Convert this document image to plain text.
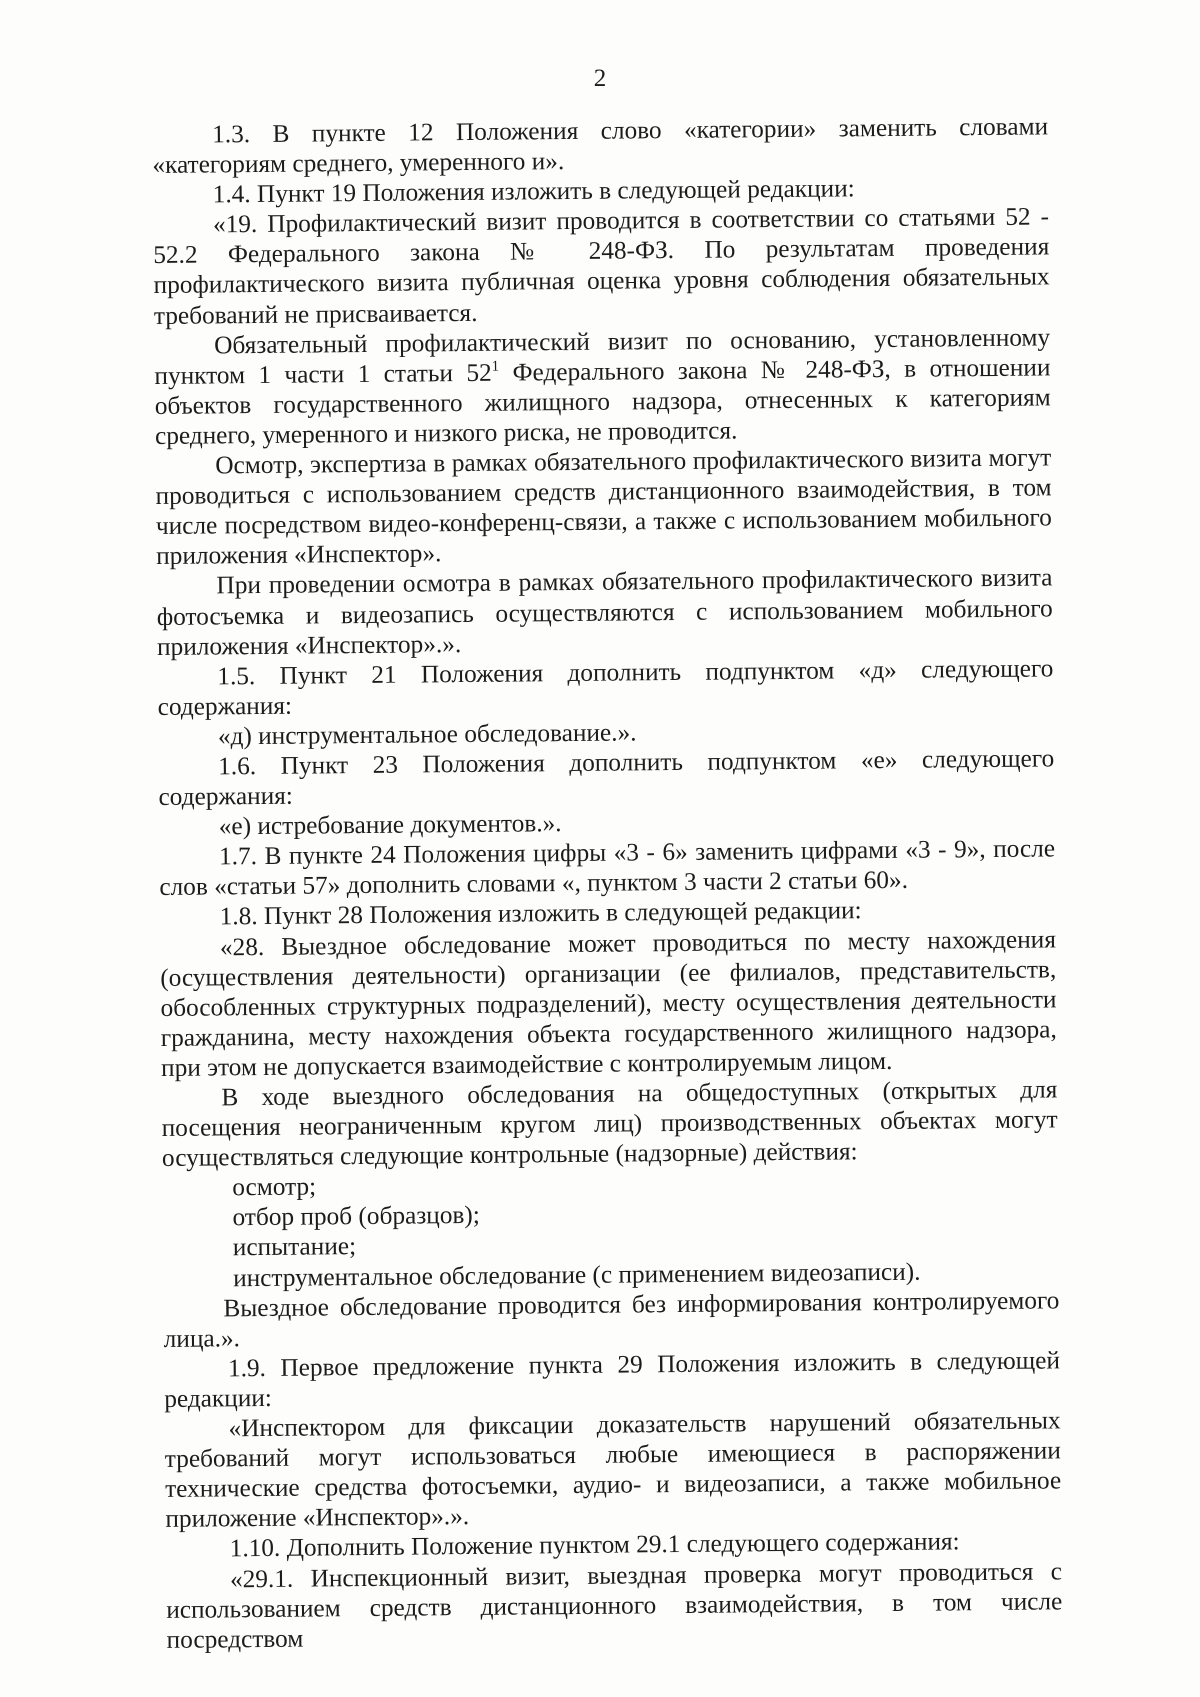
2

1.3. В пункте 12 Положения слово «категории» заменить словами «категориям среднего, умеренного и».

1.4. Пункт 19 Положения изложить в следующей редакции:

«19. Профилактический визит проводится в соответствии со статьями 52 - 52.2 Федерального закона № 248-ФЗ. По результатам проведения профилактического визита публичная оценка уровня соблюдения обязательных требований не присваивается.

Обязательный профилактический визит по основанию, установленному пунктом 1 части 1 статьи $52^1$ Федерального закона № 248-ФЗ, в отношении объектов государственного жилищного надзора, отнесенных к категориям среднего, умеренного и низкого риска, не проводится.

Осмотр, экспертиза в рамках обязательного профилактического визита могут проводиться с использованием средств дистанционного взаимодействия, в том числе посредством видео-конференц-связи, а также с использованием мобильного приложения «Инспектор».

При проведении осмотра в рамках обязательного профилактического визита фотосъемка и видеозапись осуществляются с использованием мобильного приложения «Инспектор».».

1.5. Пункт 21 Положения дополнить подпунктом «д» следующего содержания:

«д) инструментальное обследование.».

1.6. Пункт 23 Положения дополнить подпунктом «е» следующего содержания:

«е) истребование документов.».

1.7. В пункте 24 Положения цифры «3 - 6» заменить цифрами «3 - 9», после слов «статьи 57» дополнить словами «, пунктом 3 части 2 статьи 60».

1.8. Пункт 28 Положения изложить в следующей редакции:

«28. Выездное обследование может проводиться по месту нахождения (осуществления деятельности) организации (ее филиалов, представительств, обособленных структурных подразделений), месту осуществления деятельности гражданина, месту нахождения объекта государственного жилищного надзора, при этом не допускается взаимодействие с контролируемым лицом.

В ходе выездного обследования на общедоступных (открытых для посещения неограниченным кругом лиц) производственных объектах могут осуществляться следующие контрольные (надзорные) действия:

осмотр;

отбор проб (образцов);

испытание;

инструментальное обследование (с применением видеозаписи).

Выездное обследование проводится без информирования контролируемого лица.».

1.9. Первое предложение пункта 29 Положения изложить в следующей редакции:

«Инспектором для фиксации доказательств нарушений обязательных требований могут использоваться любые имеющиеся в распоряжении технические средства фотосъемки, аудио- и видеозаписи, а также мобильное приложение «Инспектор».».

1.10. Дополнить Положение пунктом 29.1 следующего содержания:

«29.1. Инспекционный визит, выездная проверка могут проводиться с использованием средств дистанционного взаимодействия, в том числе посредством
